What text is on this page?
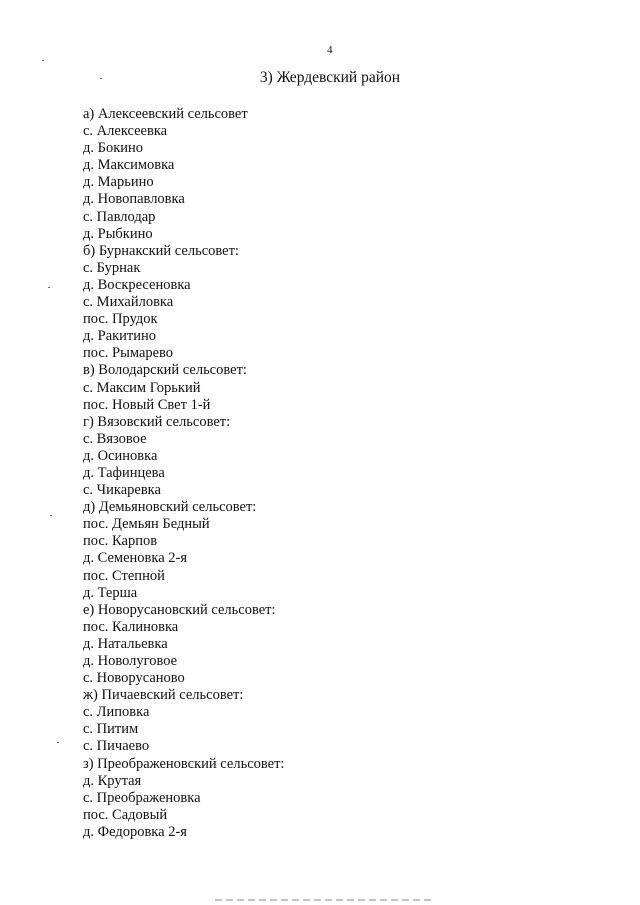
4
3) Жердевский район
а) Алексеевский сельсовет
с. Алексеевка
д. Бокино
д. Максимовка
д. Марьино
д. Новопавловка
с. Павлодар
д. Рыбкино
б) Бурнакский сельсовет:
с. Бурнак
д. Воскресеновка
с. Михайловка
пос. Прудок
д. Ракитино
пос. Рымарево
в) Володарский сельсовет:
с. Максим Горький
пос. Новый Свет 1-й
г) Вязовский сельсовет:
с. Вязовое
д. Осиновка
д. Тафинцева
с. Чикаревка
д) Демьяновский сельсовет:
пос. Демьян Бедный
пос. Карпов
д. Семеновка 2-я
пос. Степной
д. Терша
е) Новорусановский сельсовет:
пос. Калиновка
д. Натальевка
д. Новолуговое
с. Новорусаново
ж) Пичаевский сельсовет:
с. Липовка
с. Питим
с. Пичаево
з) Преображеновский сельсовет:
д. Крутая
с. Преображеновка
пос. Садовый
д. Федоровка 2-я
